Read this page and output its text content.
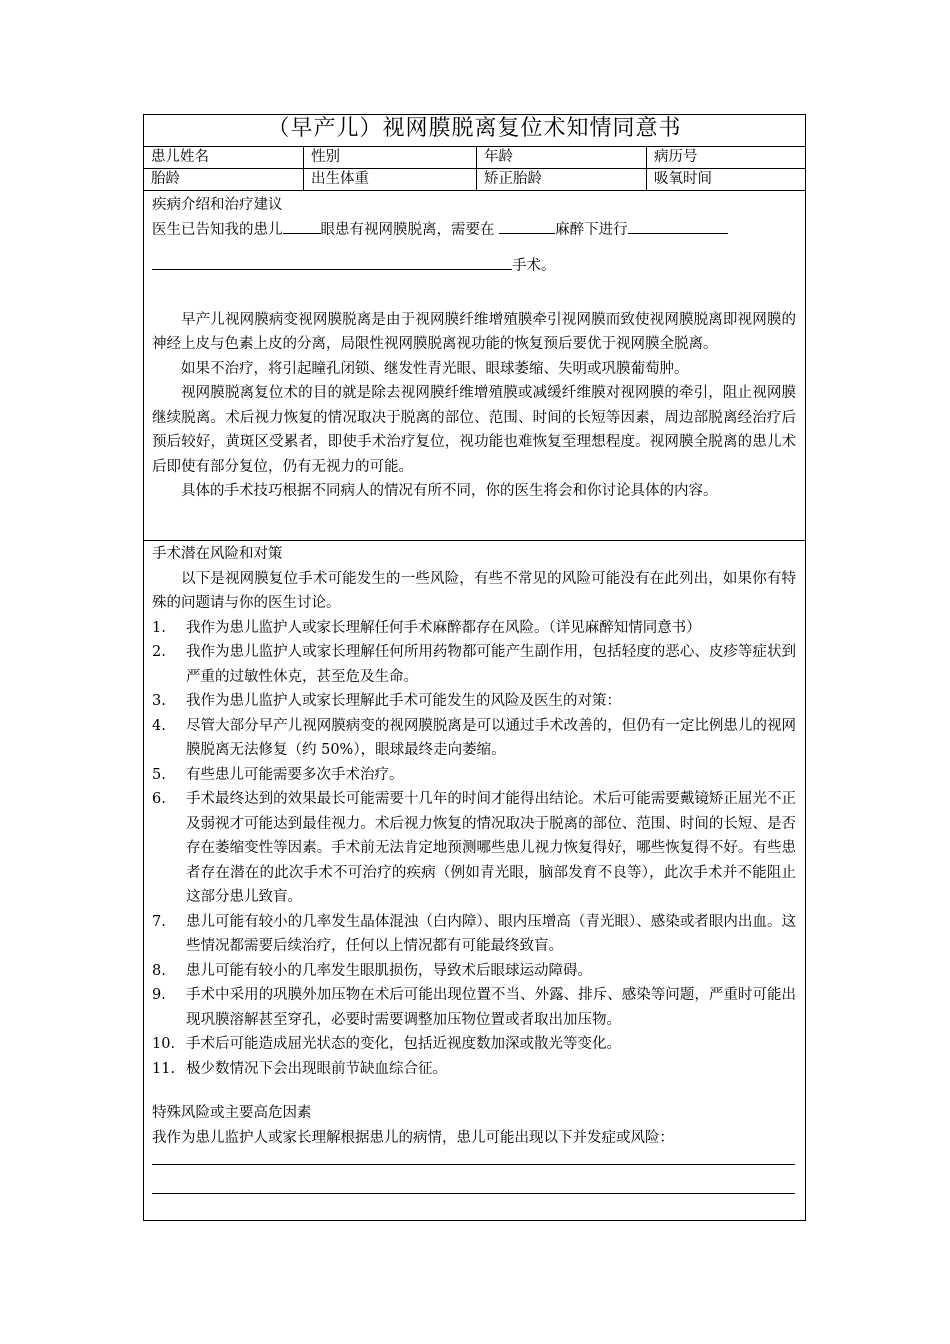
（早产儿）视网膜脱离复位术知情同意书
患儿姓名	性别	年龄	病历号
胎龄	出生体重	矫正胎龄	吸氧时间
疾病介绍和治疗建议
医生已告知我的患儿	眼患有视网膜脱离，需要在	麻醉下进行
手术。

早产儿视网膜病变视网膜脱离是由于视网膜纤维增殖膜牵引视网膜而致使视网膜脱离即视网膜的神经上皮与色素上皮的分离，局限性视网膜脱离视功能的恢复预后要优于视网膜全脱离。

如果不治疗，将引起瞳孔闭锁、继发性青光眼、眼球萎缩、失明或巩膜葡萄肿。

视网膜脱离复位术的目的就是除去视网膜纤维增殖膜或减缓纤维膜对视网膜的牵引，阻止视网膜继续脱离。术后视力恢复的情况取决于脱离的部位、范围、时间的长短等因素，周边部脱离经治疗后预后较好，黄斑区受累者，即使手术治疗复位，视功能也难恢复至理想程度。视网膜全脱离的患儿术后即使有部分复位，仍有无视力的可能。

具体的手术技巧根据不同病人的情况有所不同，你的医生将会和你讨论具体的内容。

手术潜在风险和对策

以下是视网膜复位手术可能发生的一些风险，有些不常见的风险可能没有在此列出，如果你有特殊的问题请与你的医生讨论。

1.	我作为患儿监护人或家长理解任何手术麻醉都存在风险。（详见麻醉知情同意书）
2.	我作为患儿监护人或家长理解任何所用药物都可能产生副作用，包括轻度的恶心、皮疹等症状到严重的过敏性休克，甚至危及生命。
3.	我作为患儿监护人或家长理解此手术可能发生的风险及医生的对策：
4.	尽管大部分早产儿视网膜病变的视网膜脱离是可以通过手术改善的，但仍有一定比例患儿的视网膜脱离无法修复（约 50%），眼球最终走向萎缩。
5.	有些患儿可能需要多次手术治疗。
6.	手术最终达到的效果最长可能需要十几年的时间才能得出结论。术后可能需要戴镜矫正屈光不正及弱视才可能达到最佳视力。术后视力恢复的情况取决于脱离的部位、范围、时间的长短、是否存在萎缩变性等因素。手术前无法肯定地预测哪些患儿视力恢复得好，哪些恢复得不好。有些患者存在潜在的此次手术不可治疗的疾病（例如青光眼，脑部发育不良等），此次手术并不能阻止这部分患儿致盲。
7.	患儿可能有较小的几率发生晶体混浊（白内障）、眼内压增高（青光眼）、感染或者眼内出血。这些情况都需要后续治疗，任何以上情况都有可能最终致盲。
8.	患儿可能有较小的几率发生眼肌损伤，导致术后眼球运动障碍。
9.	手术中采用的巩膜外加压物在术后可能出现位置不当、外露、排斥、感染等问题，严重时可能出现巩膜溶解甚至穿孔，必要时需要调整加压物位置或者取出加压物。
10. 手术后可能造成屈光状态的变化，包括近视度数加深或散光等变化。
11. 极少数情况下会出现眼前节缺血综合征。
特殊风险或主要高危因素
我作为患儿监护人或家长理解根据患儿的病情，患儿可能出现以下并发症或风险：
